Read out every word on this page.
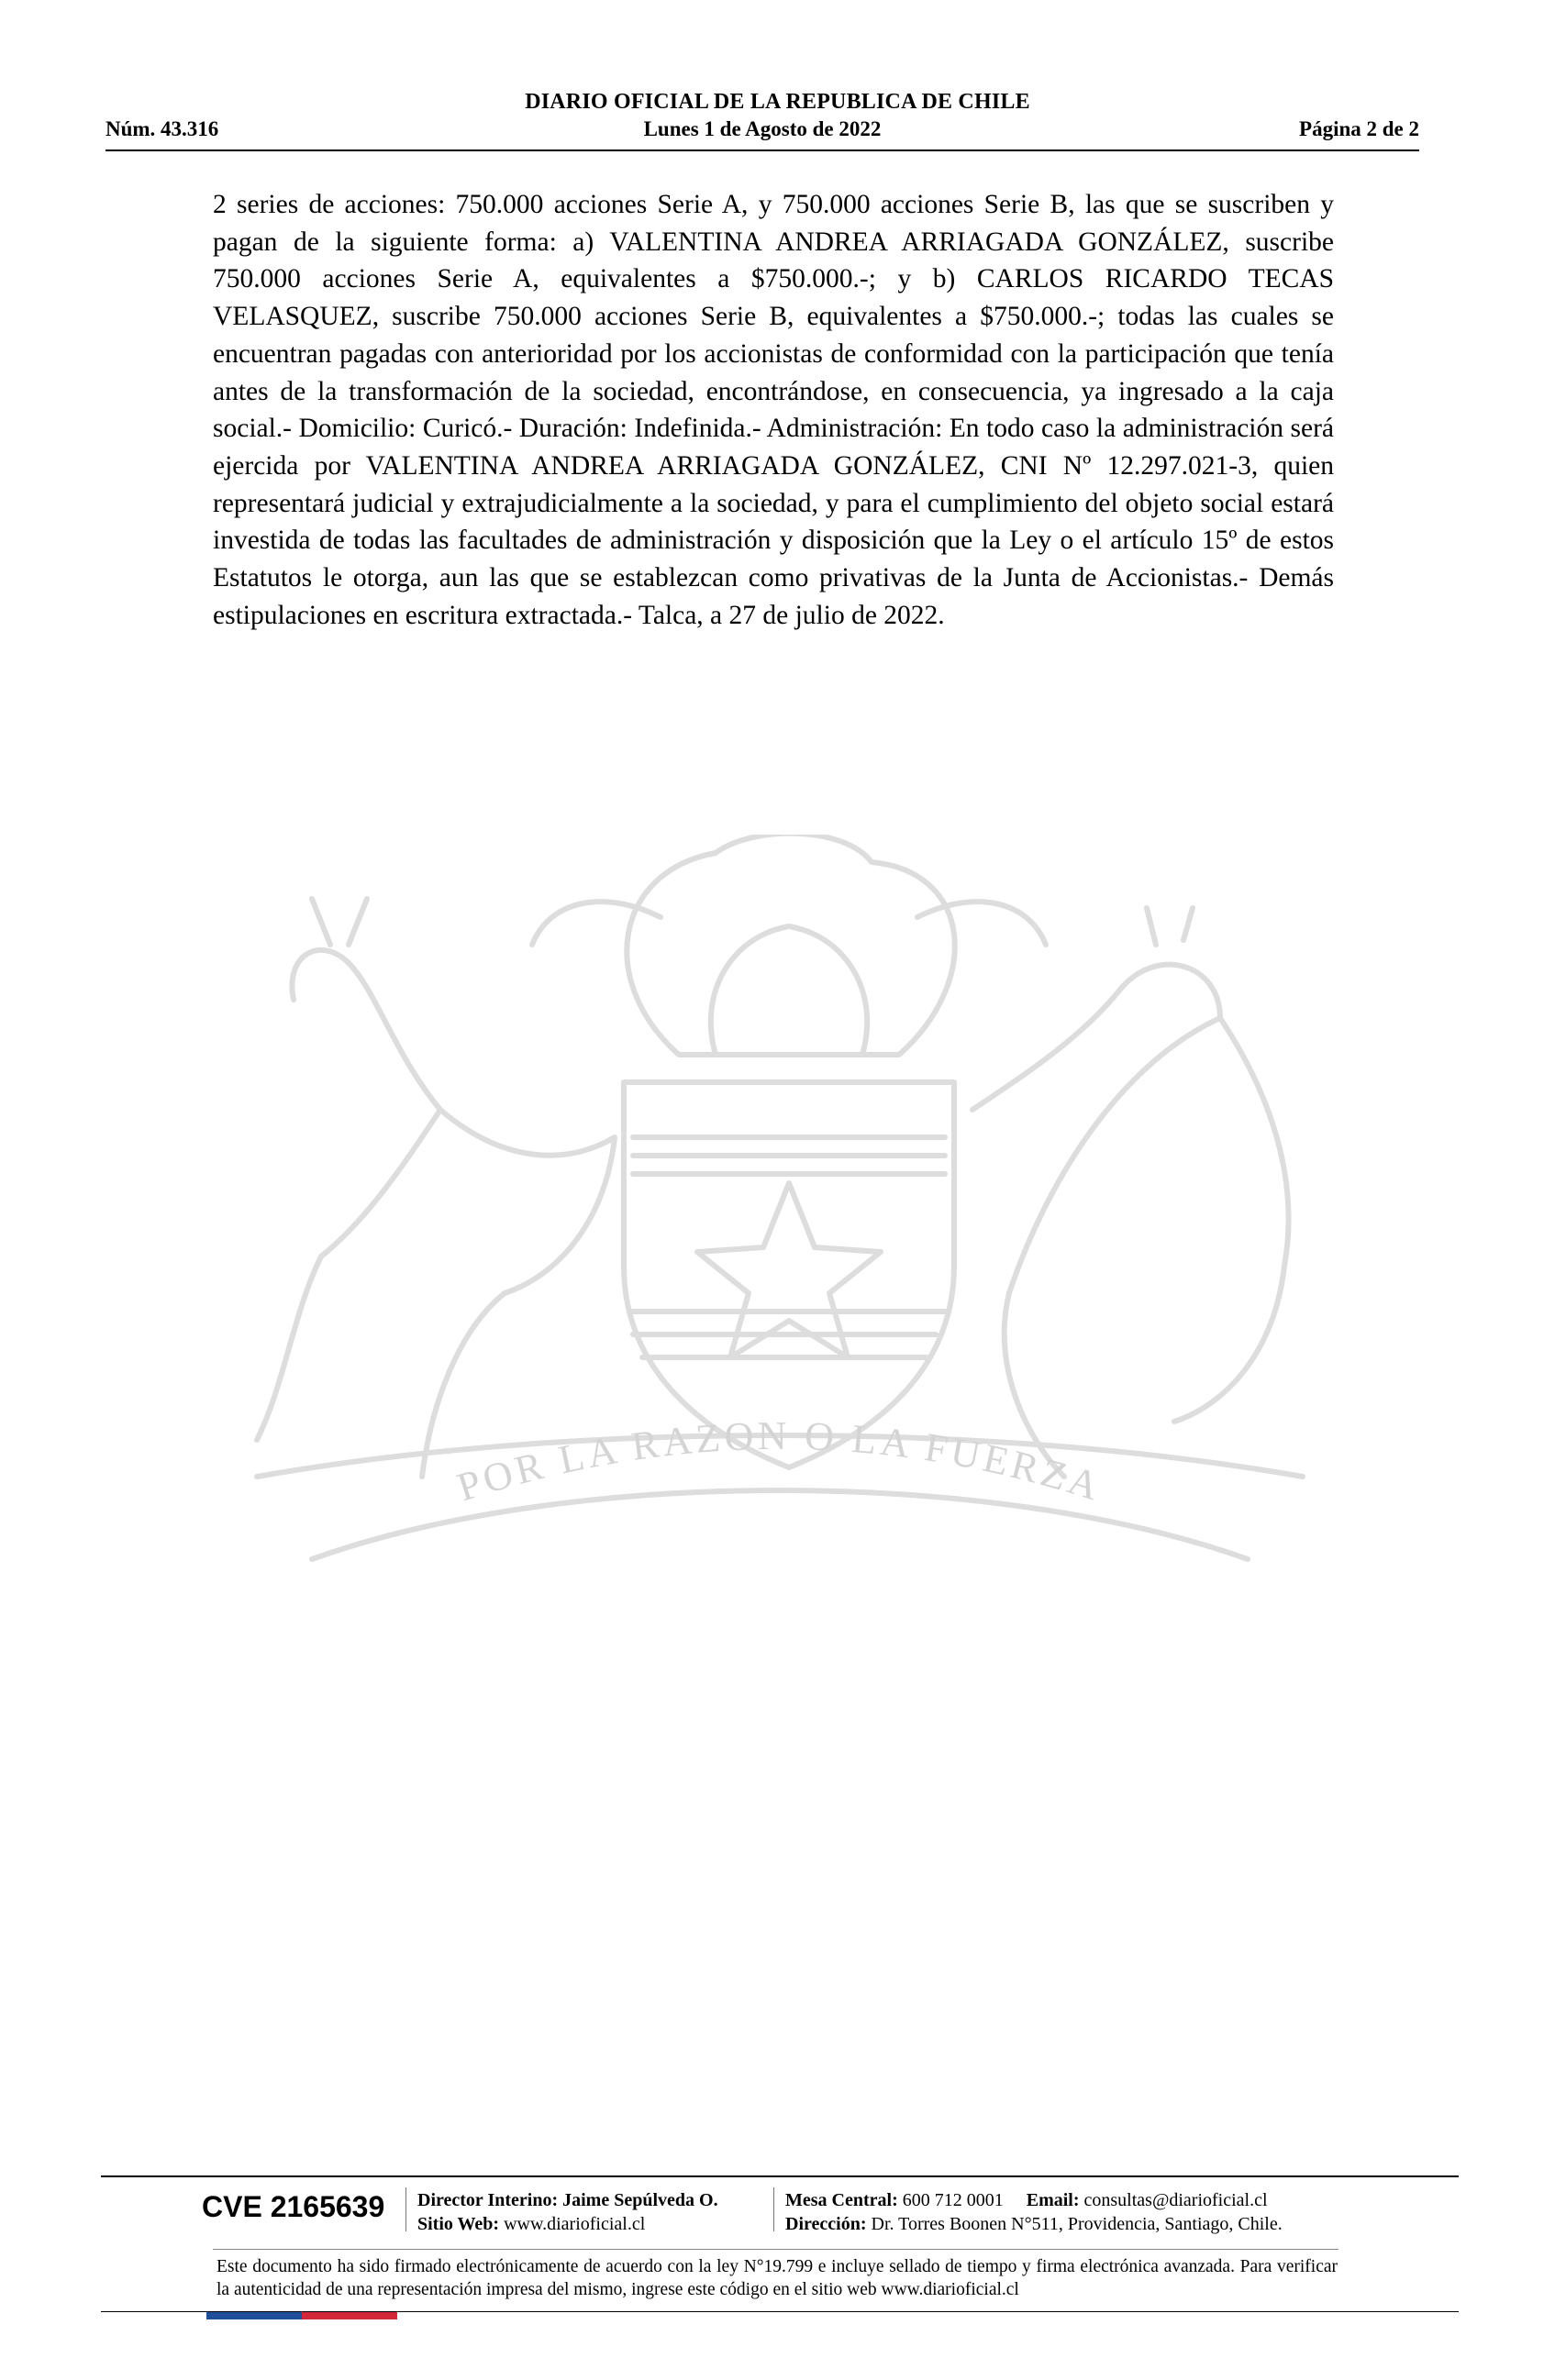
DIARIO OFICIAL DE LA REPUBLICA DE CHILE
Lunes 1 de Agosto de 2022
Núm. 43.316	Página 2 de 2
2 series de acciones: 750.000 acciones Serie A, y 750.000 acciones Serie B, las que se suscriben y pagan de la siguiente forma: a) VALENTINA ANDREA ARRIAGADA GONZÁLEZ, suscribe 750.000 acciones Serie A, equivalentes a $750.000.-; y b) CARLOS RICARDO TECAS VELASQUEZ, suscribe 750.000 acciones Serie B, equivalentes a $750.000.-; todas las cuales se encuentran pagadas con anterioridad por los accionistas de conformidad con la participación que tenía antes de la transformación de la sociedad, encontrándose, en consecuencia, ya ingresado a la caja social.- Domicilio: Curicó.- Duración: Indefinida.- Administración: En todo caso la administración será ejercida por VALENTINA ANDREA ARRIAGADA GONZÁLEZ, CNI Nº 12.297.021-3, quien representará judicial y extrajudicialmente a la sociedad, y para el cumplimiento del objeto social estará investida de todas las facultades de administración y disposición que la Ley o el artículo 15º de estos Estatutos le otorga, aun las que se establezcan como privativas de la Junta de Accionistas.- Demás estipulaciones en escritura extractada.- Talca, a 27 de julio de 2022.
POR LA RAZON O LA FUERZA
CVE 2165639	Director Interino: Jaime Sepúlveda O.
Sitio Web: www.diarioficial.cl
Mesa Central: 600 712 0001 Email: consultas@diarioficial.cl
Dirección: Dr. Torres Boonen N°511, Providencia, Santiago, Chile.
Este documento ha sido firmado electrónicamente de acuerdo con la ley N°19.799 e incluye sellado de tiempo y firma electrónica avanzada. Para verificar la autenticidad de una representación impresa del mismo, ingrese este código en el sitio web www.diarioficial.cl
